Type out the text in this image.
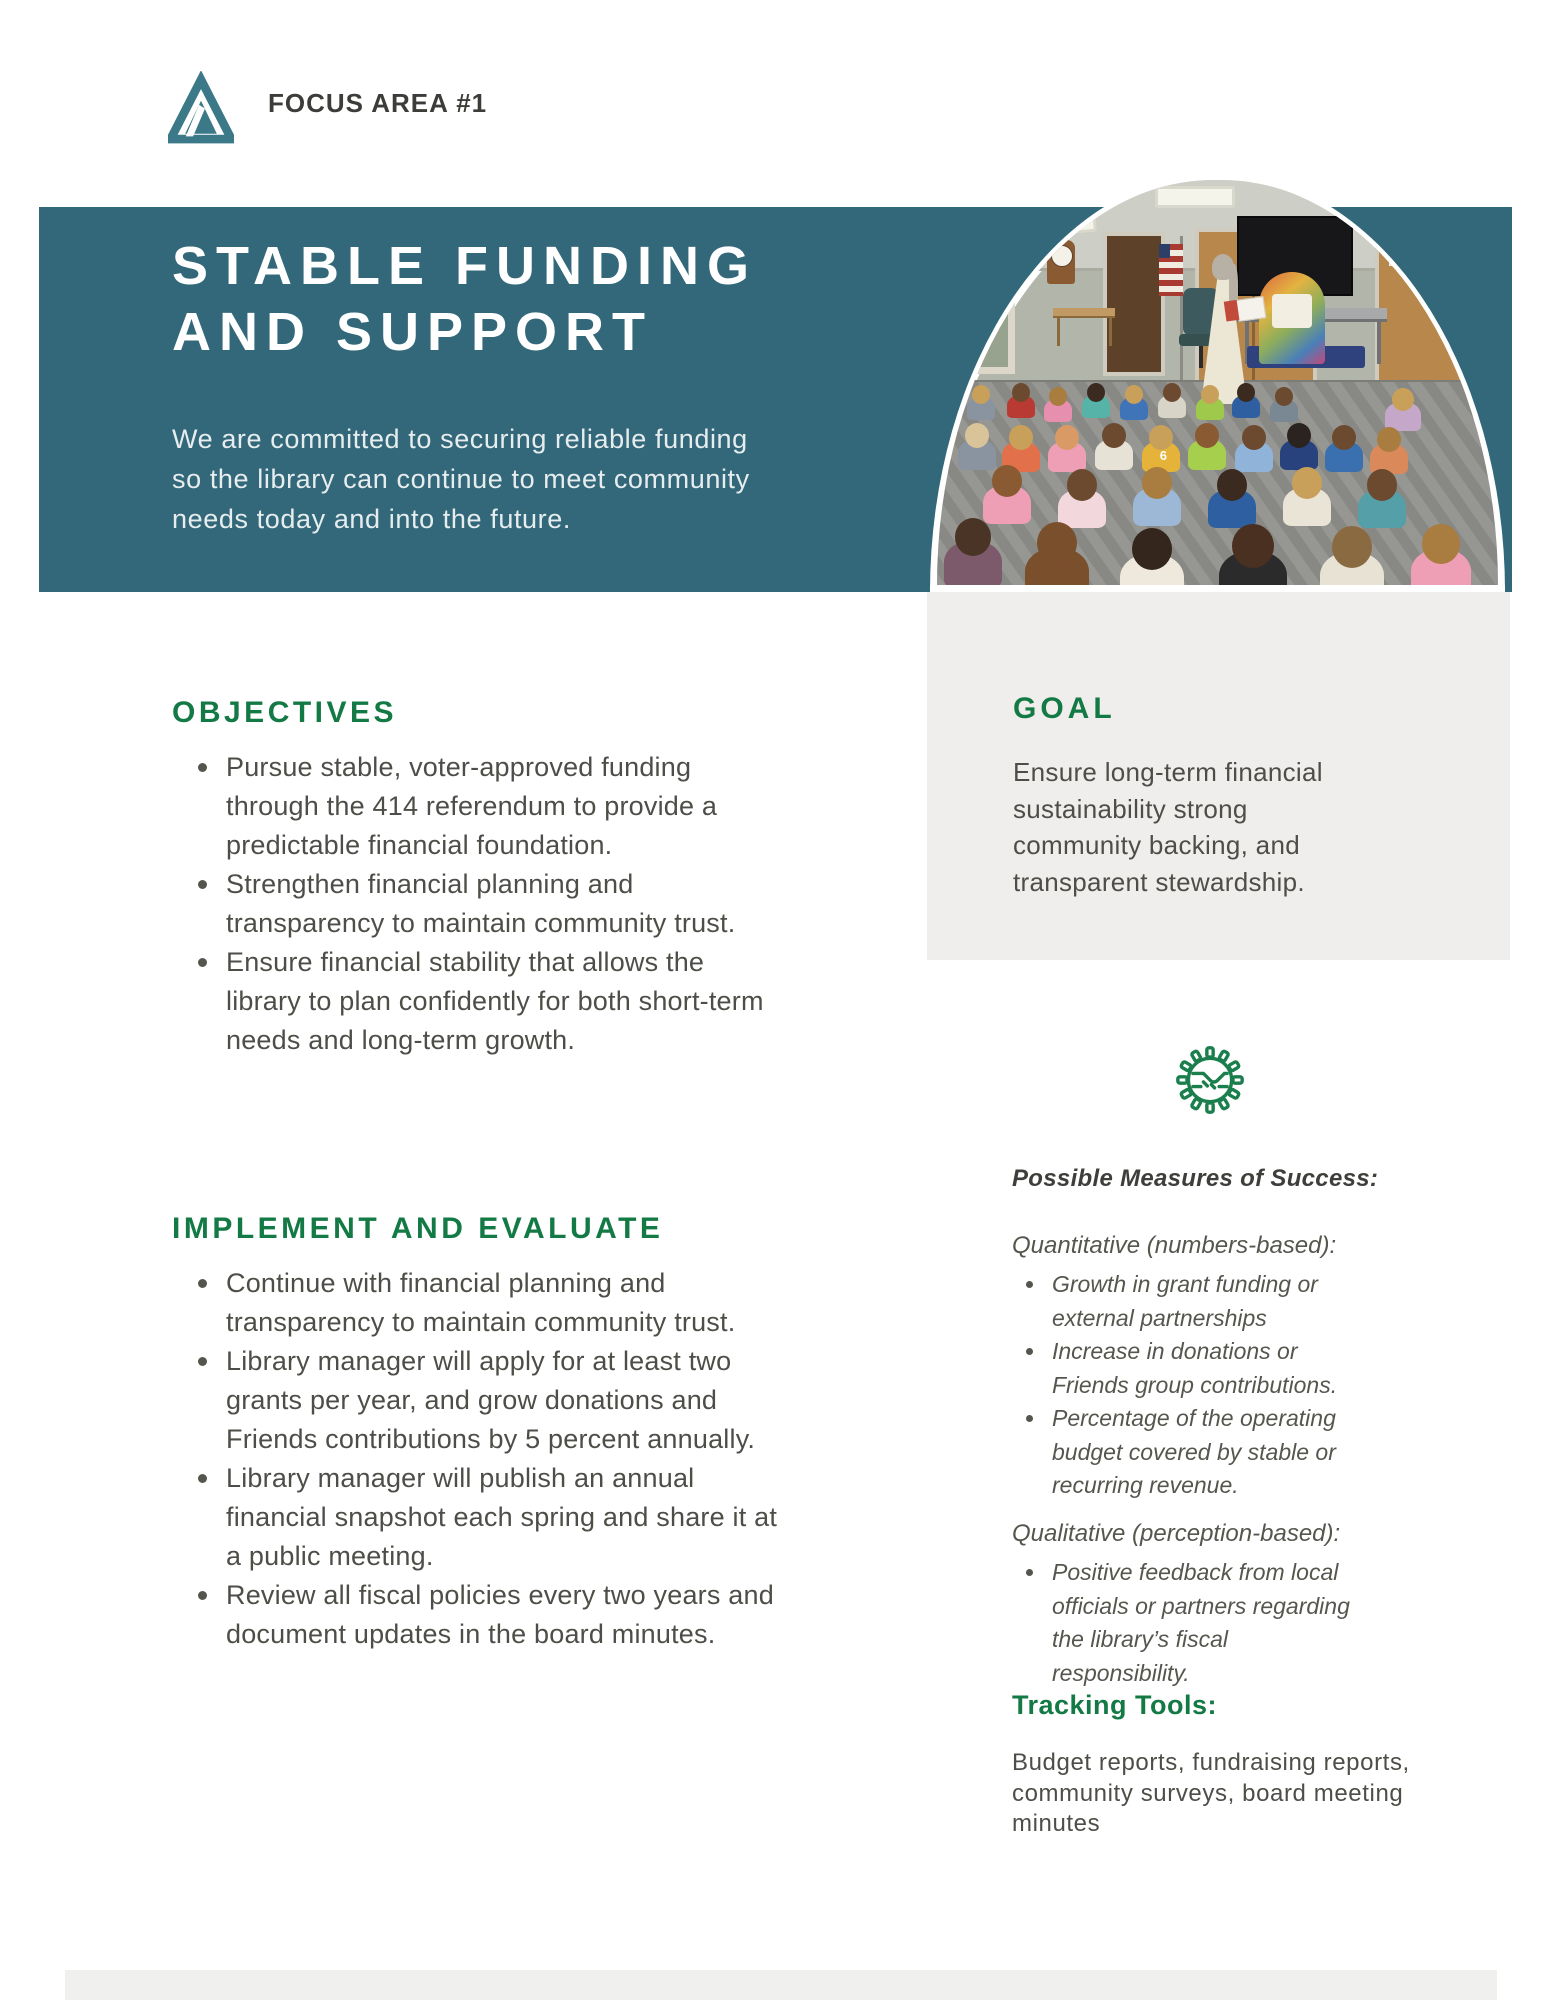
FOCUS AREA #1
STABLE FUNDING
AND SUPPORT
We are committed to securing reliable funding so the library can continue to meet community needs today and into the future.
6
GOAL
Ensure long-term financial sustainability strong community backing, and transparent stewardship.
OBJECTIVES
Pursue stable, voter-approved funding through the 414 referendum to provide a predictable financial foundation.
Strengthen financial planning and transparency to maintain community trust.
Ensure financial stability that allows the library to plan confidently for both short-term needs and long-term growth.
IMPLEMENT AND EVALUATE
Continue with financial planning and transparency to maintain community trust.
Library manager will apply for at least two grants per year, and grow donations and Friends contributions by 5 percent annually.
Library manager will publish an annual financial snapshot each spring and share it at a public meeting.
Review all fiscal policies every two years and document updates in the board minutes.
Possible Measures of Success:
Quantitative (numbers-based):
Growth in grant funding or external partnerships
Increase in donations or Friends group contributions.
Percentage of the operating budget covered by stable or recurring revenue.
Qualitative (perception-based):
Positive feedback from local officials or partners regarding the library’s fiscal responsibility.
Tracking Tools:
Budget reports, fundraising reports, community surveys, board meeting minutes
